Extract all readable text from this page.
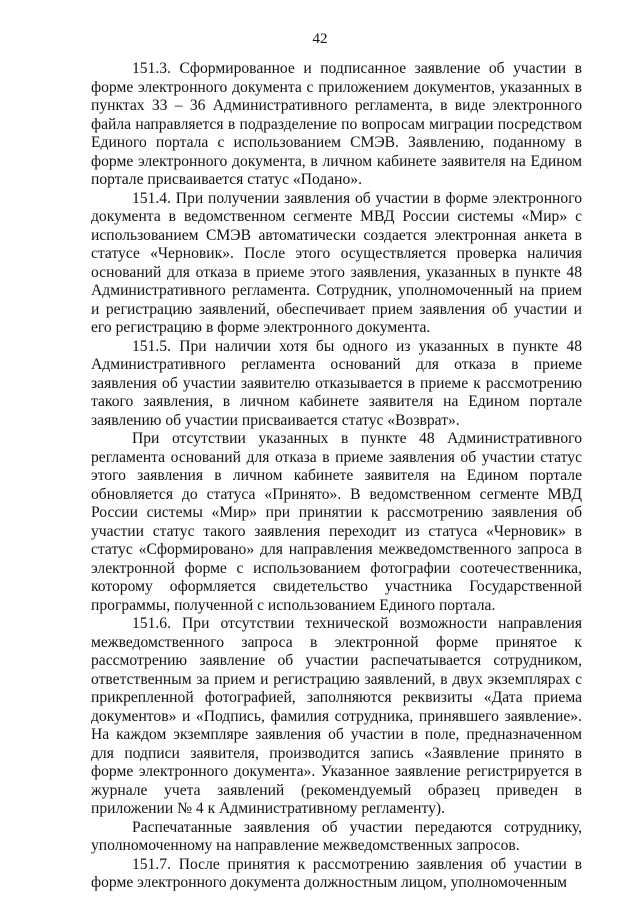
42

151.3. Сформированное и подписанное заявление об участии в форме электронного документа с приложением документов, указанных в пунктах 33 – 36 Административного регламента, в виде электронного файла направляется в подразделение по вопросам миграции посредством Единого портала с использованием СМЭВ. Заявлению, поданному в форме электронного документа, в личном кабинете заявителя на Едином портале присваивается статус «Подано».

151.4. При получении заявления об участии в форме электронного документа в ведомственном сегменте МВД России системы «Мир» с использованием СМЭВ автоматически создается электронная анкета в статусе «Черновик». После этого осуществляется проверка наличия оснований для отказа в приеме этого заявления, указанных в пункте 48 Административного регламента. Сотрудник, уполномоченный на прием и регистрацию заявлений, обеспечивает прием заявления об участии и его регистрацию в форме электронного документа.

151.5. При наличии хотя бы одного из указанных в пункте 48 Административного регламента оснований для отказа в приеме заявления об участии заявителю отказывается в приеме к рассмотрению такого заявления, в личном кабинете заявителя на Едином портале заявлению об участии присваивается статус «Возврат».

При отсутствии указанных в пункте 48 Административного регламента оснований для отказа в приеме заявления об участии статус этого заявления в личном кабинете заявителя на Едином портале обновляется до статуса «Принято». В ведомственном сегменте МВД России системы «Мир» при принятии к рассмотрению заявления об участии статус такого заявления переходит из статуса «Черновик» в статус «Сформировано» для направления межведомственного запроса в электронной форме с использованием фотографии соотечественника, которому оформляется свидетельство участника Государственной программы, полученной с использованием Единого портала.

151.6. При отсутствии технической возможности направления межведомственного запроса в электронной форме принятое к рассмотрению заявление об участии распечатывается сотрудником, ответственным за прием и регистрацию заявлений, в двух экземплярах с прикрепленной фотографией, заполняются реквизиты «Дата приема документов» и «Подпись, фамилия сотрудника, принявшего заявление». На каждом экземпляре заявления об участии в поле, предназначенном для подписи заявителя, производится запись «Заявление принято в форме электронного документа». Указанное заявление регистрируется в журнале учета заявлений (рекомендуемый образец приведен в приложении № 4 к Административному регламенту).

Распечатанные заявления об участии передаются сотруднику, уполномоченному на направление межведомственных запросов.

151.7. После принятия к рассмотрению заявления об участии в форме электронного документа должностным лицом, уполномоченным
